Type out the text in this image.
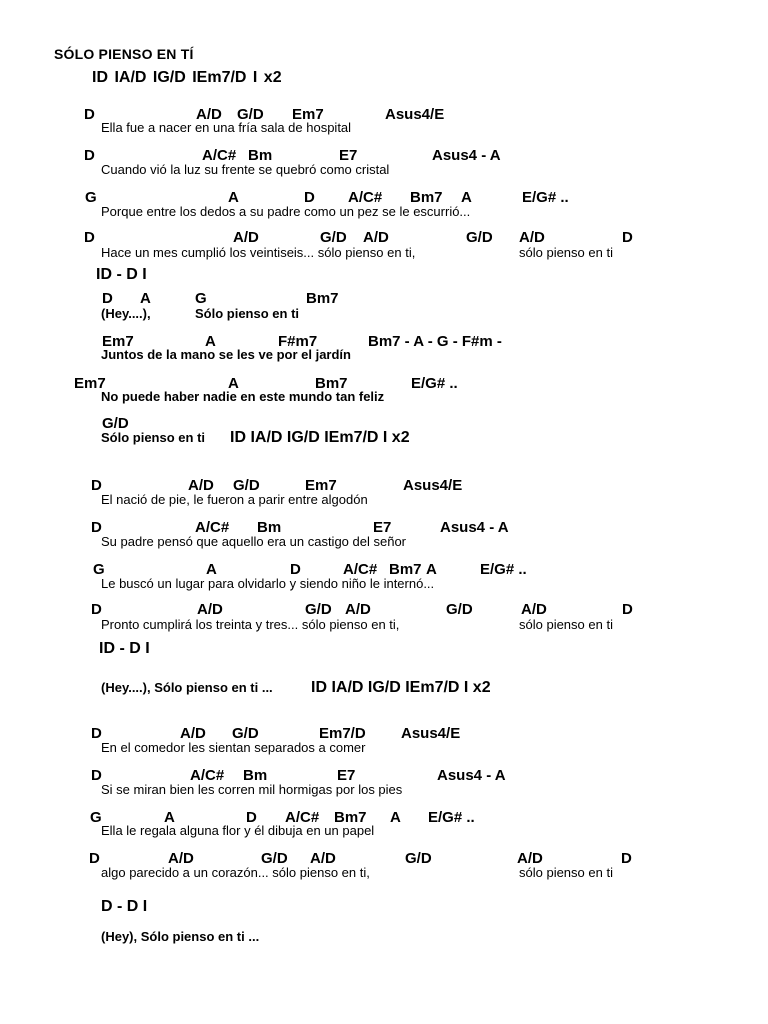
SÓLO PIENSO EN TÍ
ID IA/D IG/D IEm7/D I x2
D	A/D G/D Em7	Asus4/E
Ella fue a nacer en una fría sala de hospital
D	A/C# Bm	E7	Asus4 - A
Cuando vió la luz su frente se quebró como cristal
G	A	D A/C# Bm7 A	E/G# ..
Porque entre los dedos a su padre como un pez se le escurrió...
D	A/D	G/D A/D	G/D A/D	D
Hace un mes cumplió los veintiseis... sólo pienso en ti,	sólo pienso en ti
ID - D I
D A	G	Bm7
(Hey....),	Sólo pienso en ti
Em7	A	F#m7	Bm7 - A - G - F#m -
Juntos de la mano se les ve por el jardín
Em7	A	Bm7	E/G# ..
No puede haber nadie en este mundo tan feliz
G/D
Sólo pienso en ti ID IA/D IG/D IEm7/D I x2
D	A/D G/D	Em7	Asus4/E
El nació de pie, le fueron a parir entre algodón
D	A/C# Bm	E7	Asus4 - A
Su padre pensó que aquello era un castigo del señor
G	A	D	A/C# Bm7 A	E/G# ..
Le buscó un lugar para olvidarlo y siendo niño le internó...
D	A/D	G/D A/D	G/D	A/D	D
Pronto cumplirá los treinta y tres... sólo pienso en ti,	sólo pienso en ti
ID - D I
(Hey....), Sólo pienso en ti ... ID IA/D IG/D IEm7/D I x2
D	A/D G/D	Em7/D Asus4/E
En el comedor les sientan separados a comer
D	A/C# Bm	E7	Asus4 - A
Si se miran bien les corren mil hormigas por los pies
G	A	D A/C# Bm7 A E/G# ..
Ella le regala alguna flor y él dibuja en un papel
D	A/D	G/D A/D	G/D	A/D	D
algo parecido a un corazón... sólo pienso en ti,	sólo pienso en ti
D - D I
(Hey), Sólo pienso en ti ...
